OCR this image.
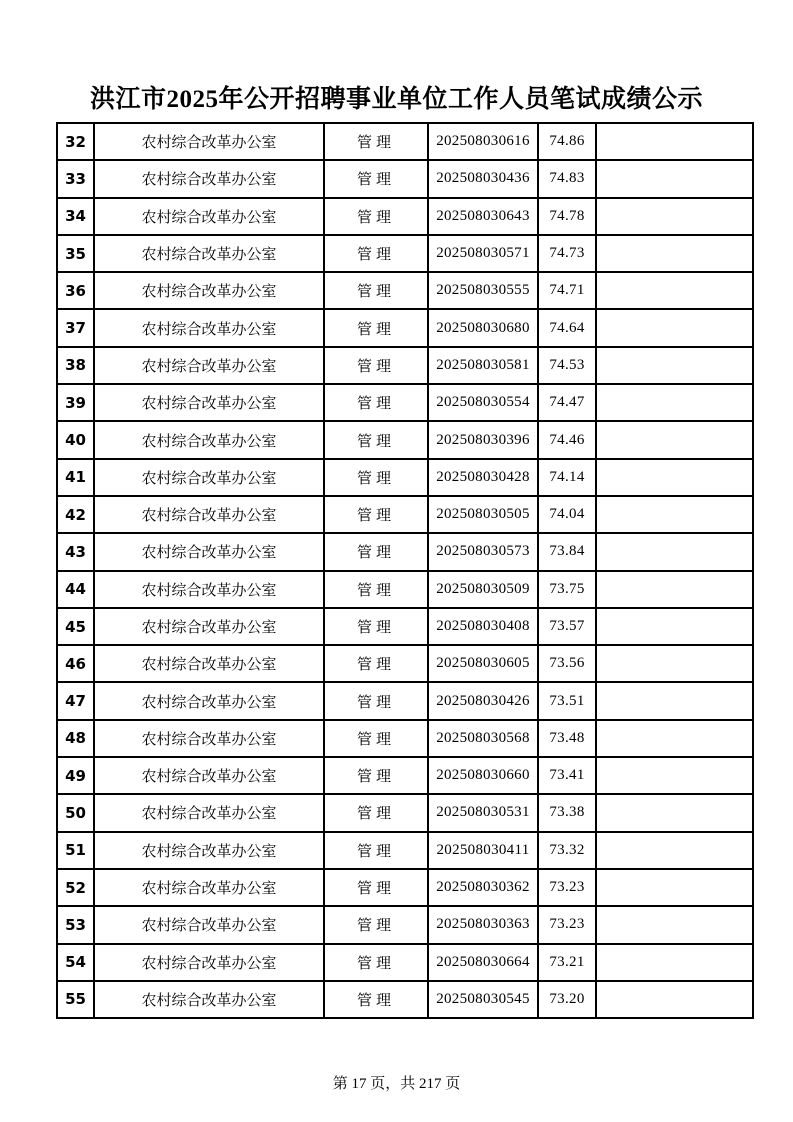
洪江市2025年公开招聘事业单位工作人员笔试成绩公示
32	农村综合改革办公室	管理	202508030616	74.86	
33	农村综合改革办公室	管理	202508030436	74.83	
34	农村综合改革办公室	管理	202508030643	74.78	
35	农村综合改革办公室	管理	202508030571	74.73	
36	农村综合改革办公室	管理	202508030555	74.71	
37	农村综合改革办公室	管理	202508030680	74.64	
38	农村综合改革办公室	管理	202508030581	74.53	
39	农村综合改革办公室	管理	202508030554	74.47	
40	农村综合改革办公室	管理	202508030396	74.46	
41	农村综合改革办公室	管理	202508030428	74.14	
42	农村综合改革办公室	管理	202508030505	74.04	
43	农村综合改革办公室	管理	202508030573	73.84	
44	农村综合改革办公室	管理	202508030509	73.75	
45	农村综合改革办公室	管理	202508030408	73.57	
46	农村综合改革办公室	管理	202508030605	73.56	
47	农村综合改革办公室	管理	202508030426	73.51	
48	农村综合改革办公室	管理	202508030568	73.48	
49	农村综合改革办公室	管理	202508030660	73.41	
50	农村综合改革办公室	管理	202508030531	73.38	
51	农村综合改革办公室	管理	202508030411	73.32	
52	农村综合改革办公室	管理	202508030362	73.23	
53	农村综合改革办公室	管理	202508030363	73.23	
54	农村综合改革办公室	管理	202508030664	73.21	
55	农村综合改革办公室	管理	202508030545	73.20	
第 17 页，共 217 页
